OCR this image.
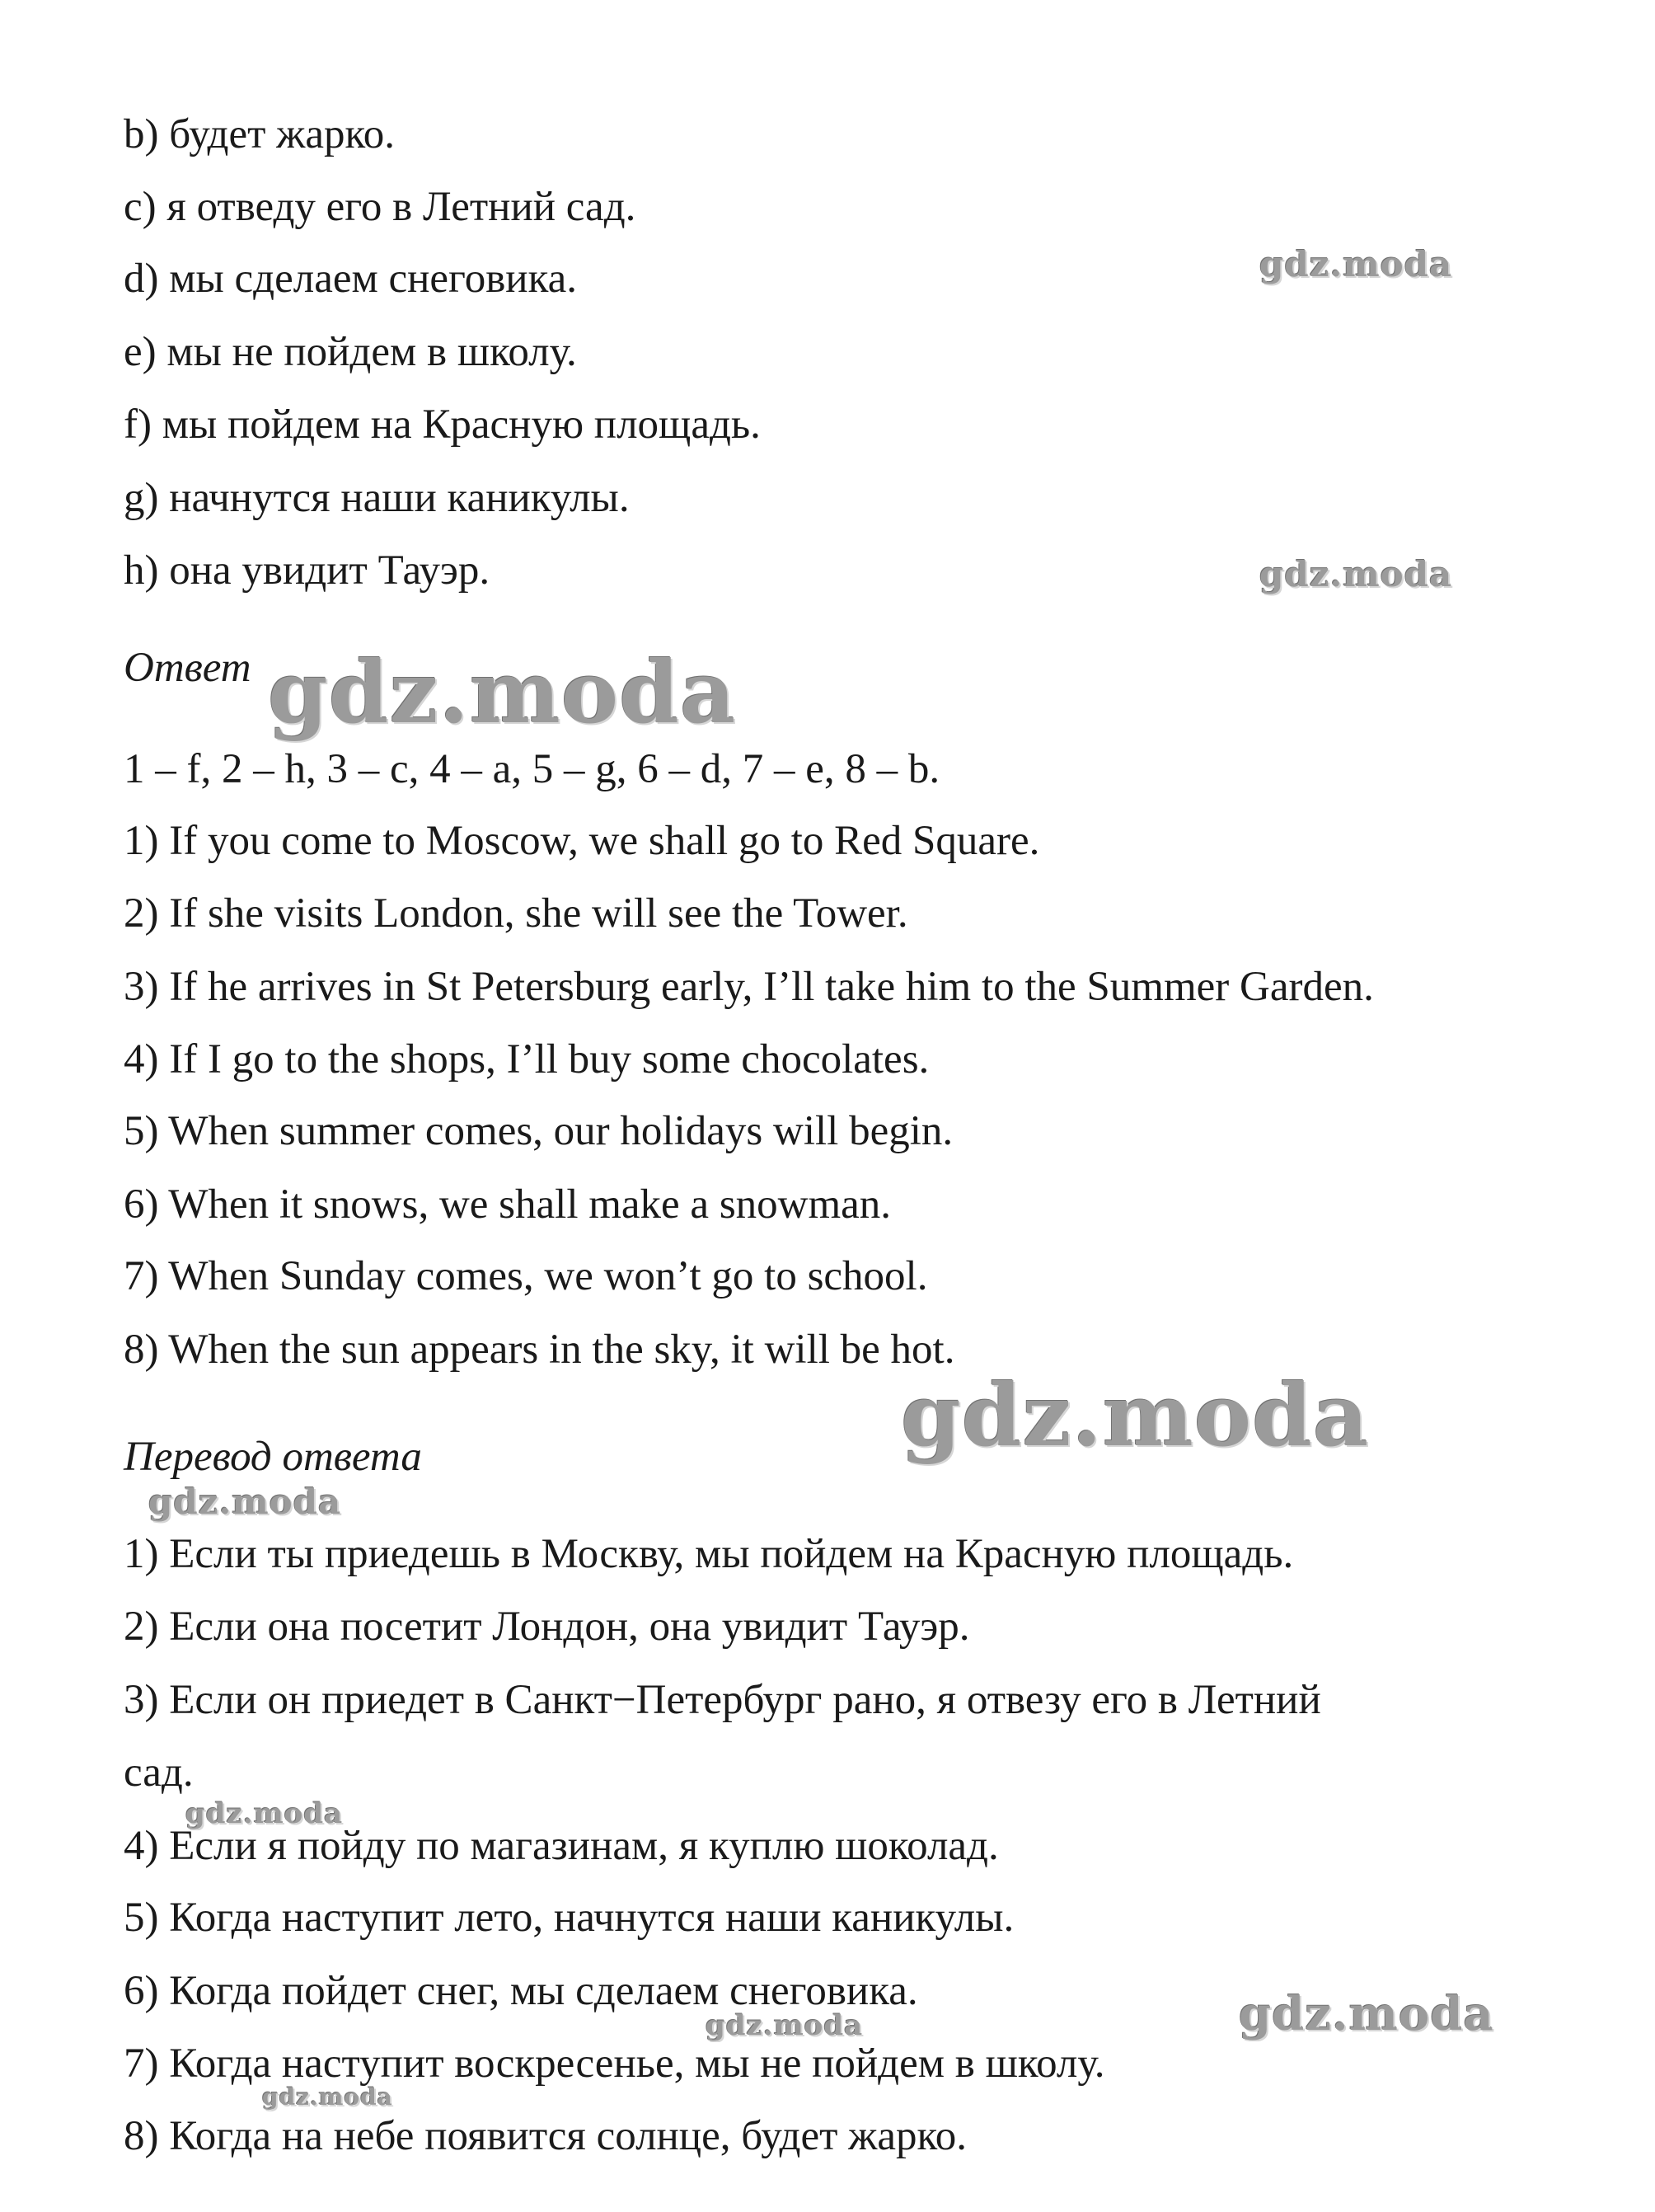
b) будет жарко.
c) я отведу его в Летний сад.
d) мы сделаем снеговика.
e) мы не пойдем в школу.
f) мы пойдем на Красную площадь.
g) начнутся наши каникулы.
h) она увидит Тауэр.
Ответ
1 – f, 2 – h, 3 – c, 4 – a, 5 – g, 6 – d, 7 – e, 8 – b.
1) If you come to Moscow, we shall go to Red Square.
2) If she visits London, she will see the Tower.
3) If he arrives in St Petersburg early, I’ll take him to the Summer Garden.
4) If I go to the shops, I’ll buy some chocolates.
5) When summer comes, our holidays will begin.
6) When it snows, we shall make a snowman.
7) When Sunday comes, we won’t go to school.
8) When the sun appears in the sky, it will be hot.
Перевод ответа
1) Если ты приедешь в Москву, мы пойдем на Красную площадь.
2) Если она посетит Лондон, она увидит Тауэр.
3) Если он приедет в Санкт−Петербург рано, я отвезу его в Летний
сад.
4) Если я пойду по магазинам, я куплю шоколад.
5) Когда наступит лето, начнутся наши каникулы.
6) Когда пойдет снег, мы сделаем снеговика.
7) Когда наступит воскресенье, мы не пойдем в школу.
8) Когда на небе появится солнце, будет жарко.
gdz.moda
gdz.moda
gdz.moda
gdz.moda
gdz.moda
gdz.moda
gdz.moda
gdz.moda
gdz.moda
